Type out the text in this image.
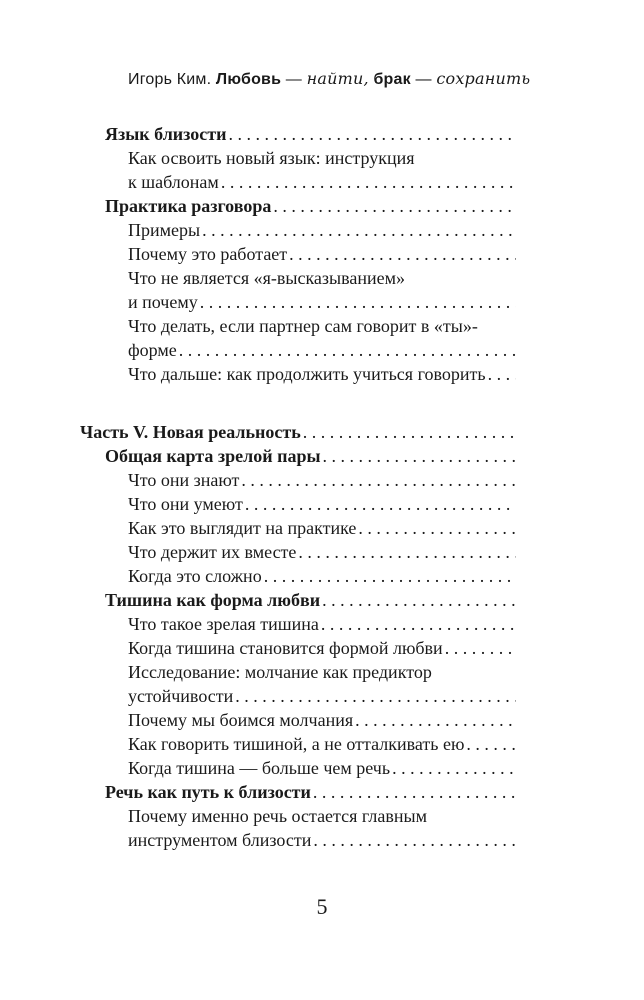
Игорь Ким. Любовь — найти, брак — сохранить
Язык близости
. . .
Как освоить новый язык: инструкция
к шаблонам
. . .
Практика разговора
. . .
Примеры
. . .
Почему это работает
. . .
Что не является «я-высказыванием»
и почему
. . .
Что делать, если партнер сам говорит в «ты»-
форме
. . .
Что дальше: как продолжить учиться говорить
. . .
Часть V. Новая реальность
. . .
Общая карта зрелой пары
. . .
Что они знают
. . .
Что они умеют
. . .
Как это выглядит на практике
. . .
Что держит их вместе
. . .
Когда это сложно
. . .
Тишина как форма любви
. . .
Что такое зрелая тишина
. . .
Когда тишина становится формой любви
. . .
Исследование: молчание как предиктор
устойчивости
. . .
Почему мы боимся молчания
. . .
Как говорить тишиной, а не отталкивать ею
. . .
Когда тишина — больше чем речь
. . .
Речь как путь к близости
. . .
Почему именно речь остается главным
инструментом близости
. . .
5
